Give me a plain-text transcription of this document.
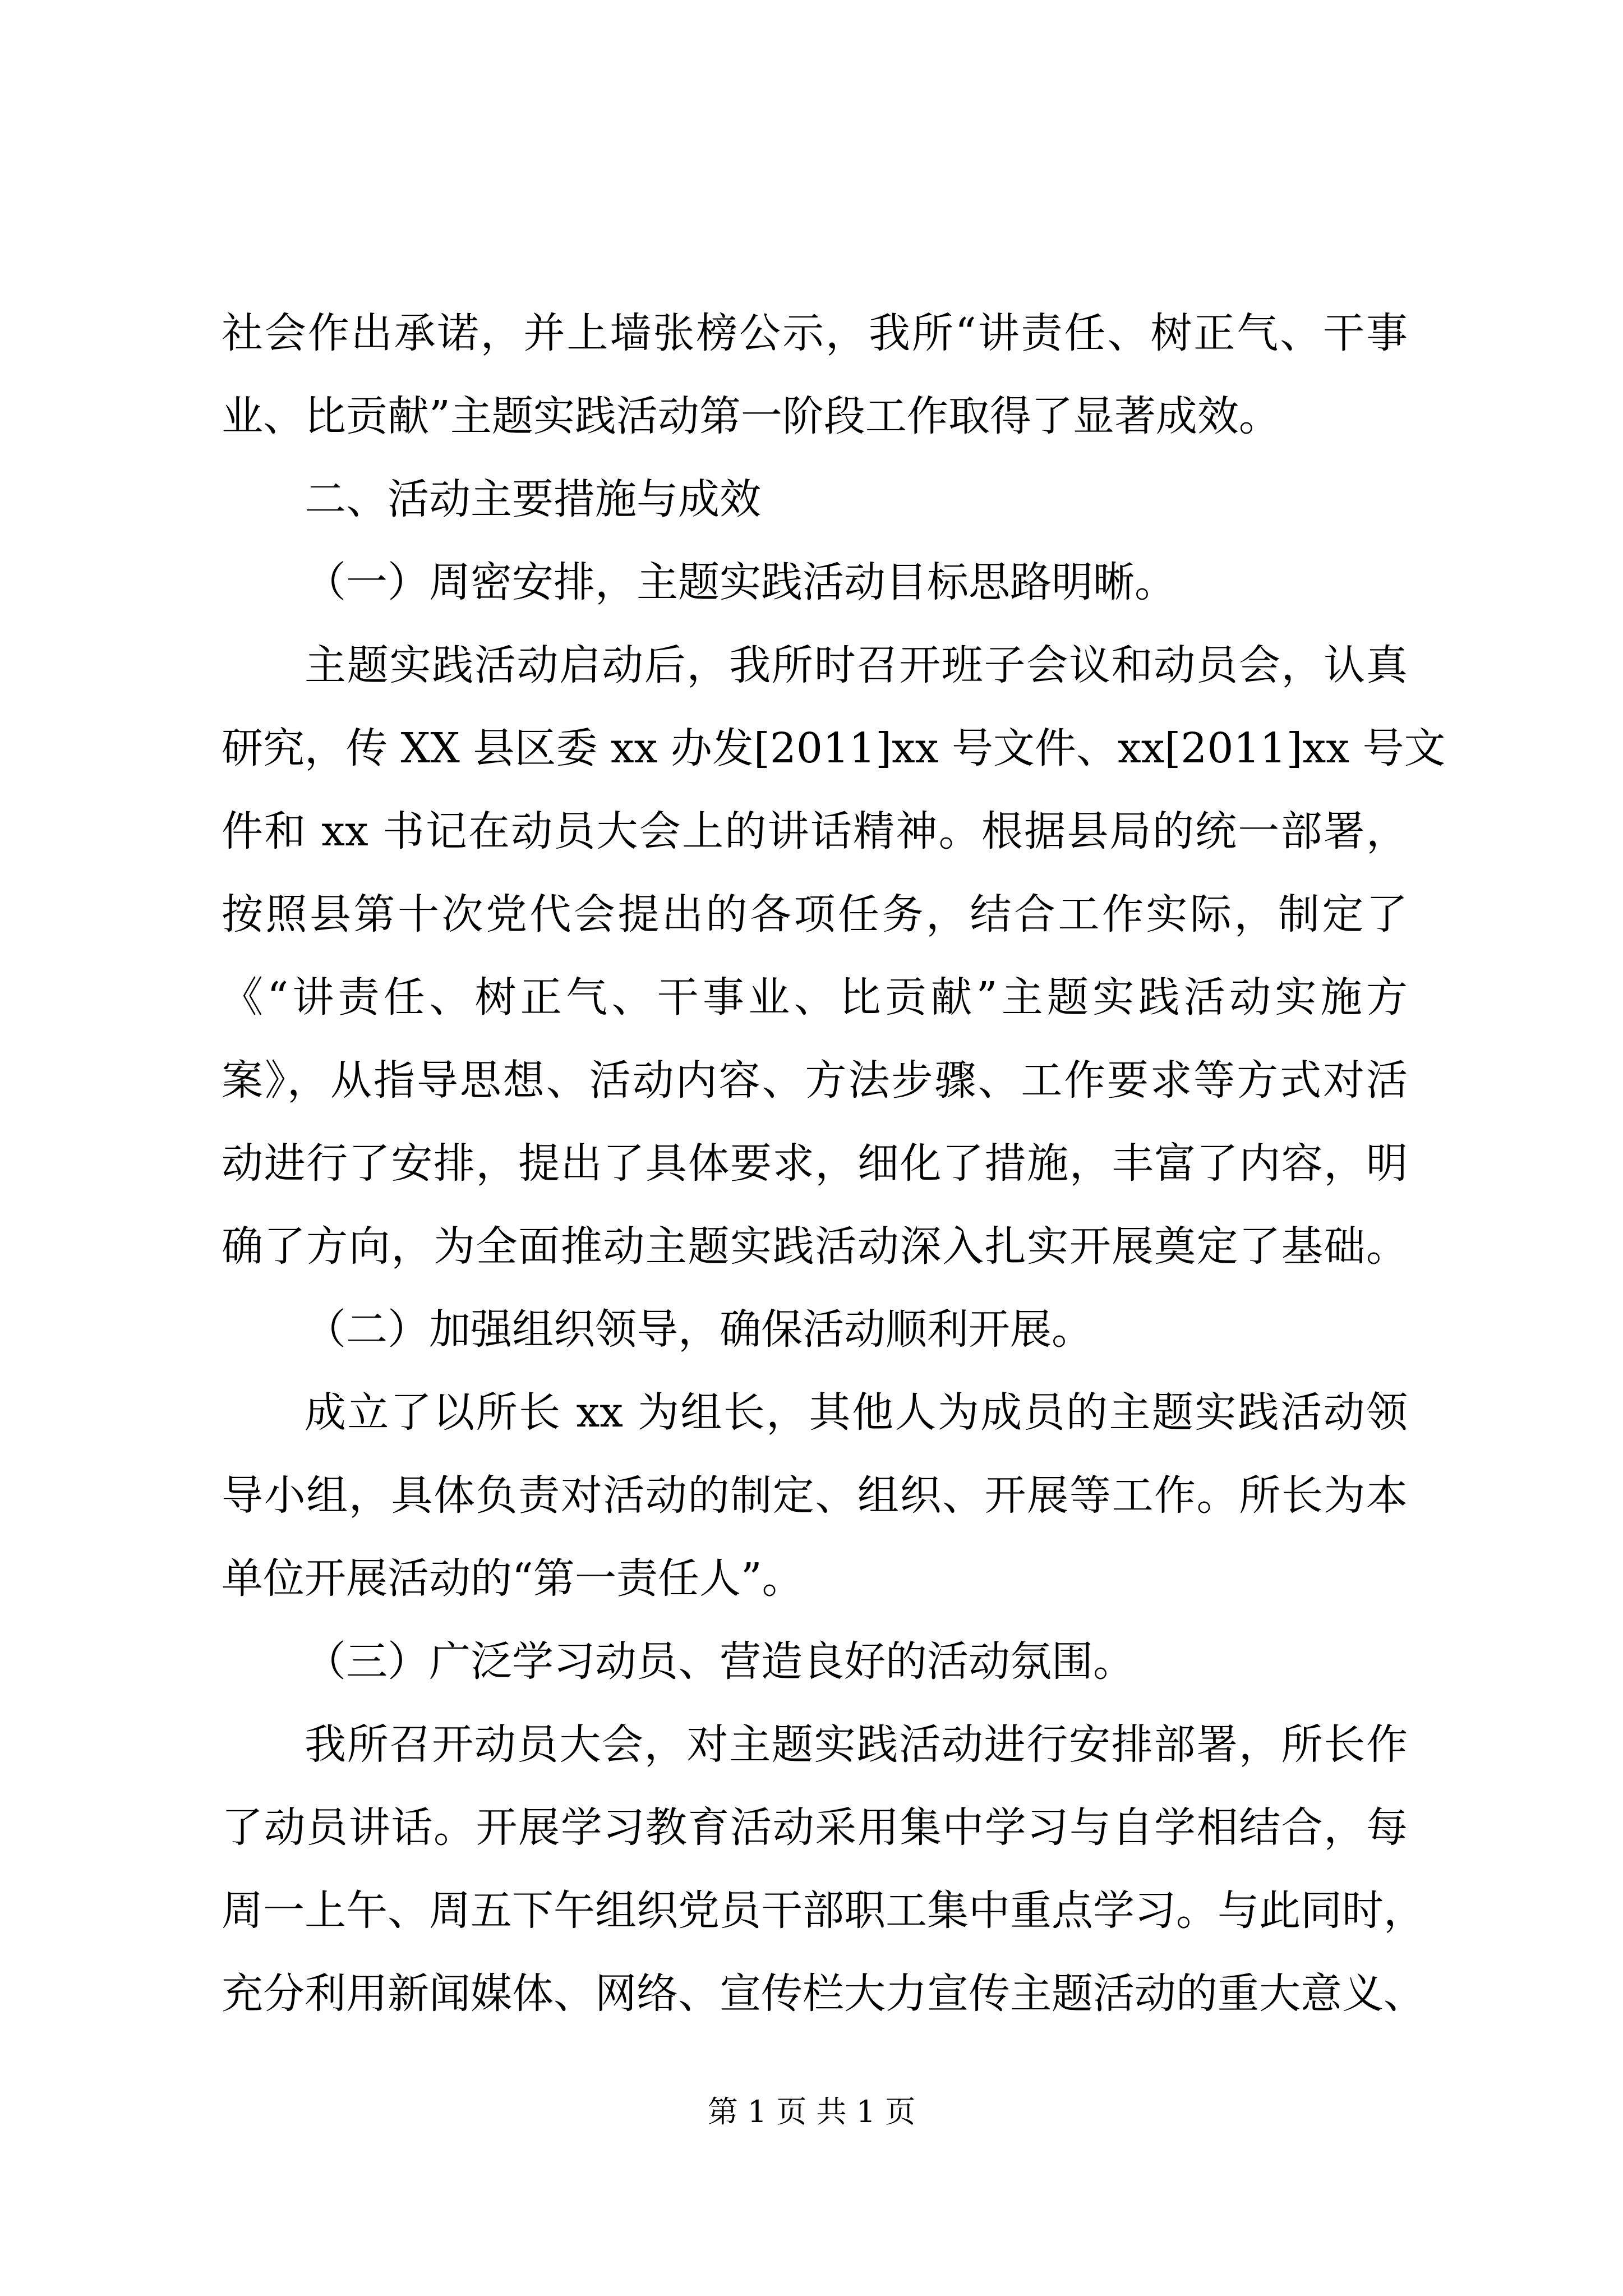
社会作出承诺，并上墙张榜公示，我所“讲责任、树正气、干事
业、比贡献”主题实践活动第一阶段工作取得了显著成效。
二、活动主要措施与成效
（一）周密安排，主题实践活动目标思路明晰。
主题实践活动启动后，我所时召开班子会议和动员会，认真
研究，传 XX 县区委 xx 办发[2011]xx 号文件、xx[2011]xx 号文
件和 xx 书记在动员大会上的讲话精神。根据县局的统一部署，
按照县第十次党代会提出的各项任务，结合工作实际，制定了
《“讲责任、树正气、干事业、比贡献”主题实践活动实施方
案》，从指导思想、活动内容、方法步骤、工作要求等方式对活
动进行了安排，提出了具体要求，细化了措施，丰富了内容，明
确了方向，为全面推动主题实践活动深入扎实开展奠定了基础。
（二）加强组织领导，确保活动顺利开展。
成立了以所长 xx 为组长，其他人为成员的主题实践活动领
导小组，具体负责对活动的制定、组织、开展等工作。所长为本
单位开展活动的“第一责任人”。
（三）广泛学习动员、营造良好的活动氛围。
我所召开动员大会，对主题实践活动进行安排部署，所长作
了动员讲话。开展学习教育活动采用集中学习与自学相结合，每
周一上午、周五下午组织党员干部职工集中重点学习。与此同时，
充分利用新闻媒体、网络、宣传栏大力宣传主题活动的重大意义、
第 1 页 共 1 页
